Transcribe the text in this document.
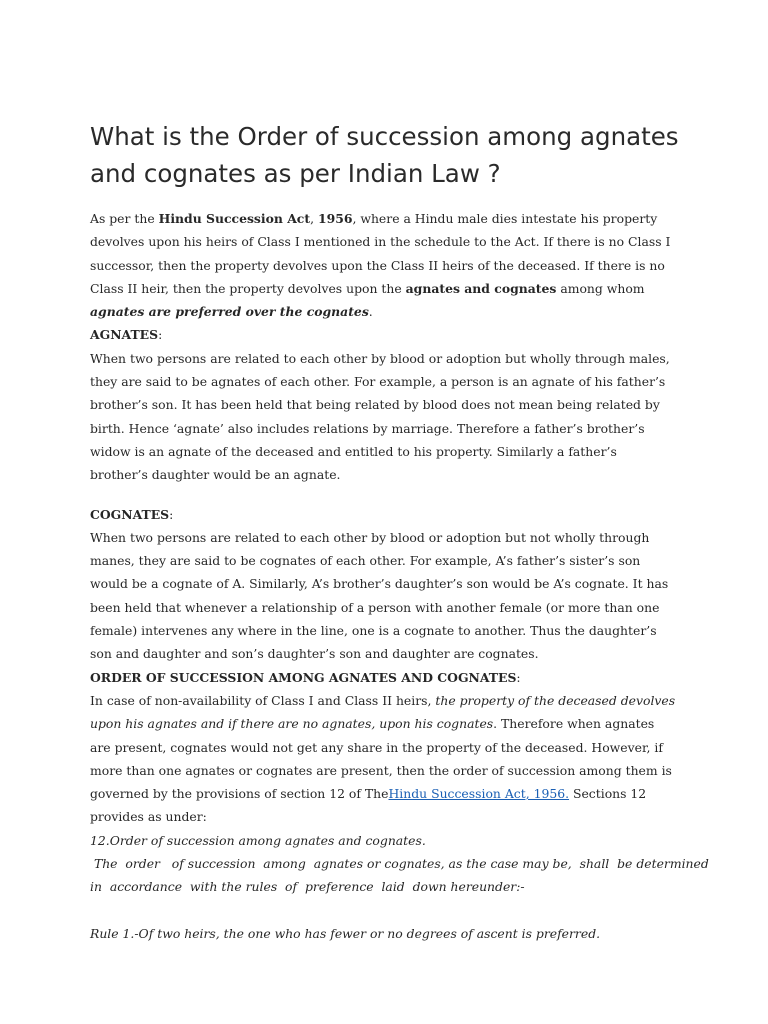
What is the Order of succession among agnates and cognates as per Indian Law ?

As per the Hindu Succession Act, 1956, where a Hindu male dies intestate his property devolves upon his heirs of Class I mentioned in the schedule to the Act. If there is no Class I successor, then the property devolves upon the Class II heirs of the deceased. If there is no Class II heir, then the property devolves upon the agnates and cognates among whom agnates are preferred over the cognates.

AGNATES:

When two persons are related to each other by blood or adoption but wholly through males, they are said to be agnates of each other. For example, a person is an agnate of his father’s brother’s son. It has been held that being related by blood does not mean being related by birth. Hence ‘agnate’ also includes relations by marriage. Therefore a father’s brother’s widow is an agnate of the deceased and entitled to his property. Similarly a father’s brother’s daughter would be an agnate.

COGNATES:

When two persons are related to each other by blood or adoption but not wholly through manes, they are said to be cognates of each other. For example, A’s father’s sister’s son would be a cognate of A. Similarly, A’s brother’s daughter’s son would be A’s cognate. It has been held that whenever a relationship of a person with another female (or more than one female) intervenes any where in the line, one is a cognate to another. Thus the daughter’s son and daughter and son’s daughter’s son and daughter are cognates.

ORDER OF SUCCESSION AMONG AGNATES AND COGNATES:

In case of non-availability of Class I and Class II heirs, the property of the deceased devolves upon his agnates and if there are no agnates, upon his cognates. Therefore when agnates are present, cognates would not get any share in the property of the deceased. However, if more than one agnates or cognates are present, then the order of succession among them is governed by the provisions of section 12 of TheHindu Succession Act, 1956. Sections 12 provides as under:

12.Order of succession among agnates and cognates.

The  order   of succession  among  agnates or cognates, as the case may be,  shall  be determined

in  accordance  with the rules  of  preference  laid  down hereunder:-

Rule 1.-Of two heirs, the one who has fewer or no degrees of ascent is preferred.
